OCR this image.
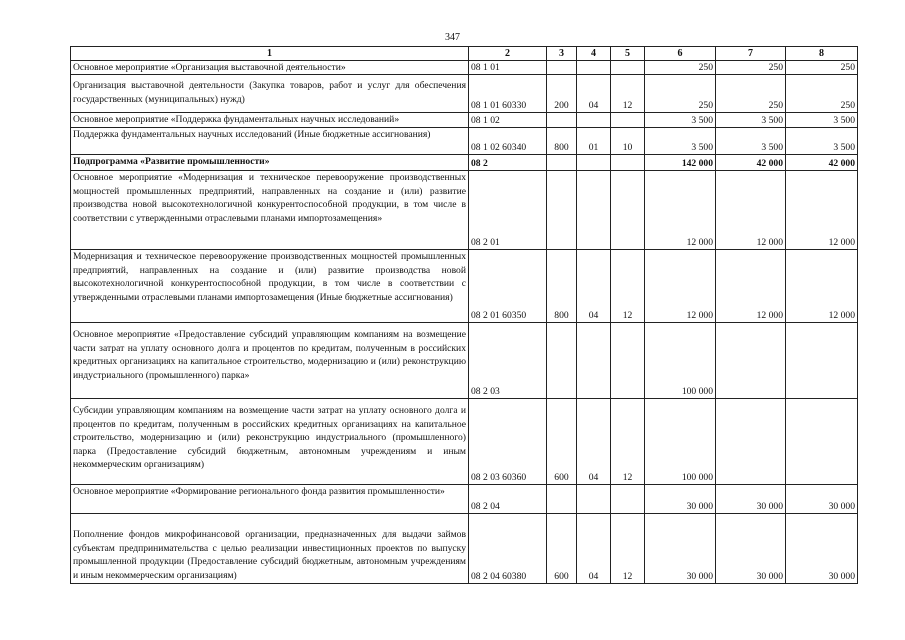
347
1	2	3	4	5	6	7	8
Основное мероприятие «Организация выставочной деятельности»	08 1 01				250	250	250
Организация выставочной деятельности (Закупка товаров, работ и услуг для обеспечения государственных (муниципальных) нужд)	08 1 01 60330	200	04	12	250	250	250
Основное мероприятие «Поддержка фундаментальных научных исследований»	08 1 02				3 500	3 500	3 500
Поддержка фундаментальных научных исследований (Иные бюджетные ассигнования)	08 1 02 60340	800	01	10	3 500	3 500	3 500
Подпрограмма «Развитие промышленности»	08 2				142 000	42 000	42 000
Основное мероприятие «Модернизация и техническое перевооружение производственных мощностей промышленных предприятий, направленных на создание и (или) развитие производства новой высокотехнологичной конкурентоспособной продукции, в том числе в соответствии с утвержденными отраслевыми планами импортозамещения»	08 2 01				12 000	12 000	12 000
Модернизация и техническое перевооружение производственных мощностей промышленных предприятий, направленных на создание и (или) развитие производства новой высокотехнологичной конкурентоспособной продукции, в том числе в соответствии с утвержденными отраслевыми планами импортозамещения (Иные бюджетные ассигнования)	08 2 01 60350	800	04	12	12 000	12 000	12 000
Основное мероприятие «Предоставление субсидий управляющим компаниям на возмещение части затрат на уплату основного долга и процентов по кредитам, полученным в российских кредитных организациях на капитальное строительство, модернизацию и (или) реконструкцию индустриального (промышленного) парка»	08 2 03				100 000		
Субсидии управляющим компаниям на возмещение части затрат на уплату основного долга и процентов по кредитам, полученным в российских кредитных организациях на капитальное строительство, модернизацию и (или) реконструкцию индустриального (промышленного) парка (Предоставление субсидий бюджетным, автономным учреждениям и иным некоммерческим организациям)	08 2 03 60360	600	04	12	100 000		
Основное мероприятие «Формирование регионального фонда развития промышленности»	08 2 04				30 000	30 000	30 000
Пополнение фондов микрофинансовой организации, предназначенных для выдачи займов субъектам предпринимательства с целью реализации инвестиционных проектов по выпуску промышленной продукции (Предоставление субсидий бюджетным, автономным учреждениям и иным некоммерческим организациям)	08 2 04 60380	600	04	12	30 000	30 000	30 000
